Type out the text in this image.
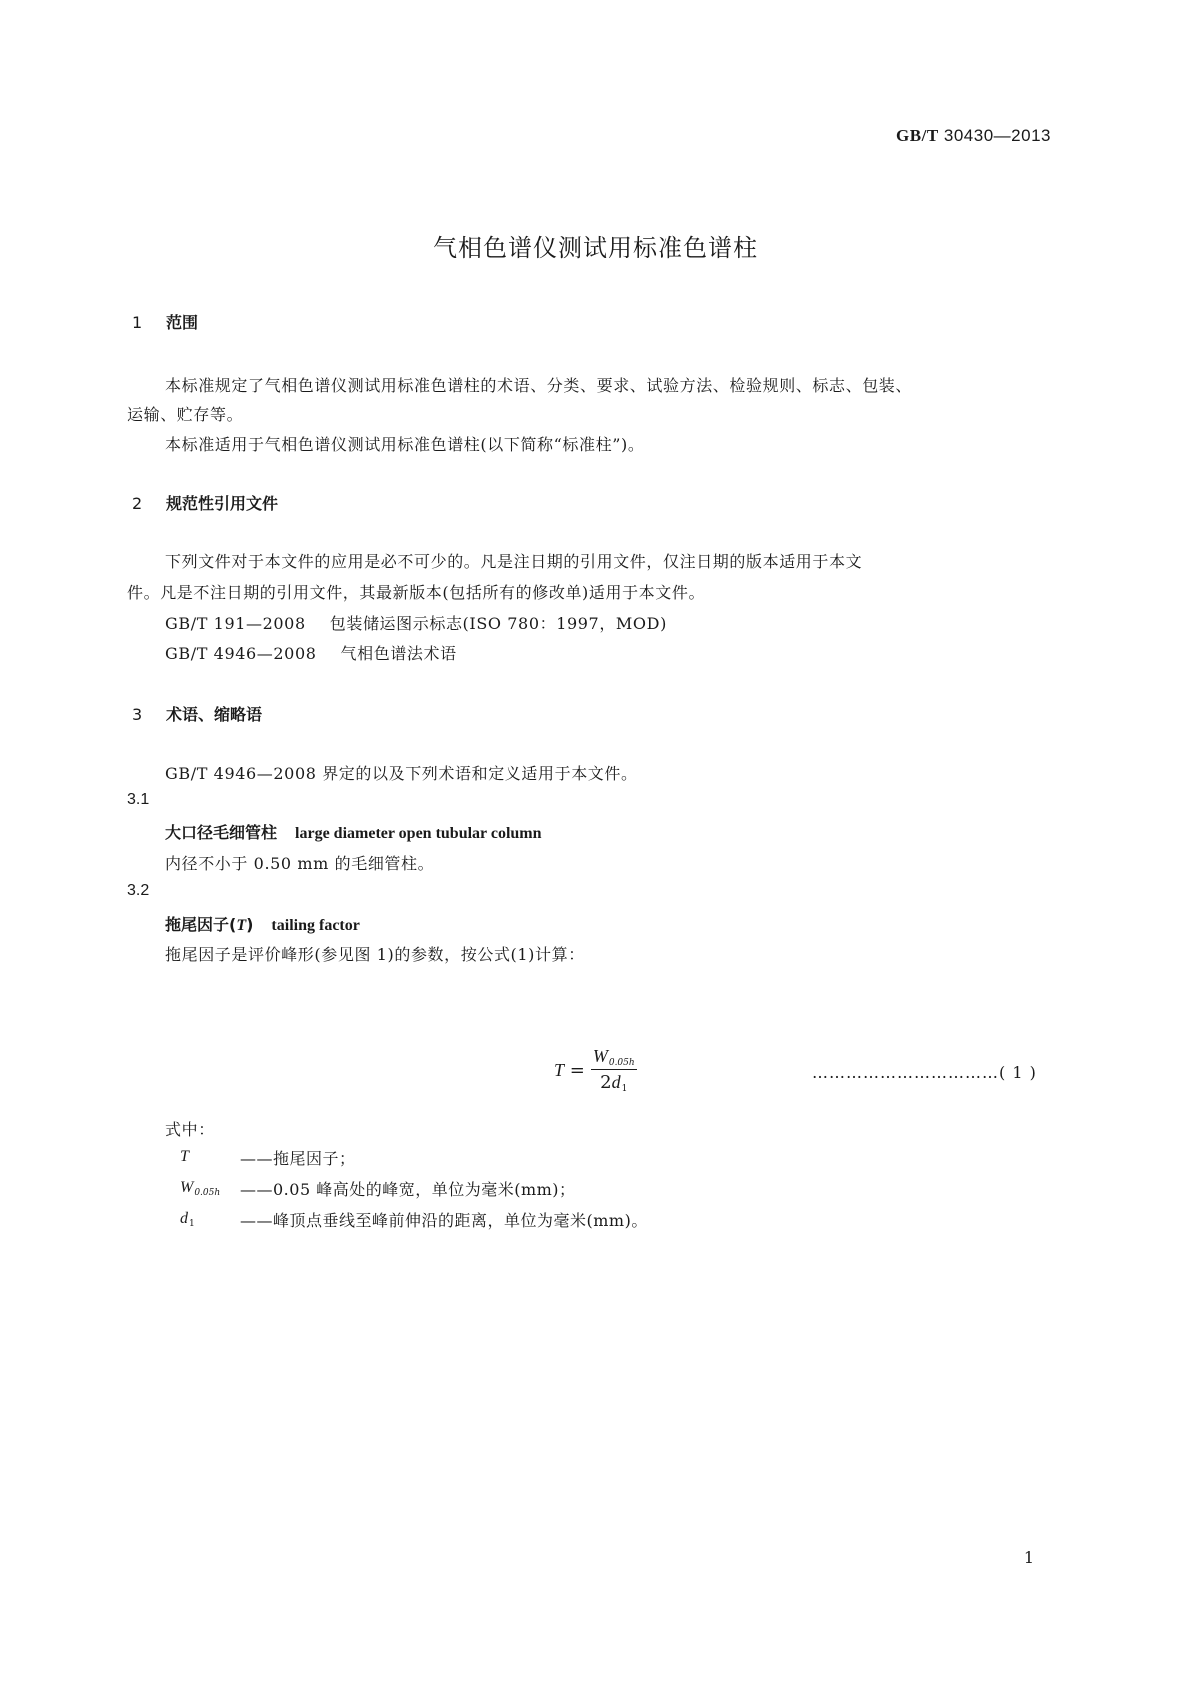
GB/T 30430—2013
气相色谱仪测试用标准色谱柱
1 范围
本标准规定了气相色谱仪测试用标准色谱柱的术语、分类、要求、试验方法、检验规则、标志、包装、
运输、贮存等。
本标准适用于气相色谱仪测试用标准色谱柱(以下简称“标准柱”)。
2 规范性引用文件
下列文件对于本文件的应用是必不可少的。凡是注日期的引用文件，仅注日期的版本适用于本文
件。凡是不注日期的引用文件，其最新版本(包括所有的修改单)适用于本文件。
GB/T 191—2008 包装储运图示标志(ISO 780：1997，MOD)
GB/T 4946—2008 气相色谱法术语
3 术语、缩略语
GB/T 4946—2008 界定的以及下列术语和定义适用于本文件。
3.1
大口径毛细管柱 large diameter open tubular column
内径不小于 0.50 mm 的毛细管柱。
3.2
拖尾因子(T) tailing factor
拖尾因子是评价峰形(参见图 1)的参数，按公式(1)计算：
$T = \frac{W_{0.05h}}{2d_1}$	……………………………( 1 )
式中：
T	——拖尾因子；
$W_{0.05h}$ ——0.05 峰高处的峰宽，单位为毫米(mm)；
$d_1$	——峰顶点垂线至峰前伸沿的距离，单位为毫米(mm)。
1
